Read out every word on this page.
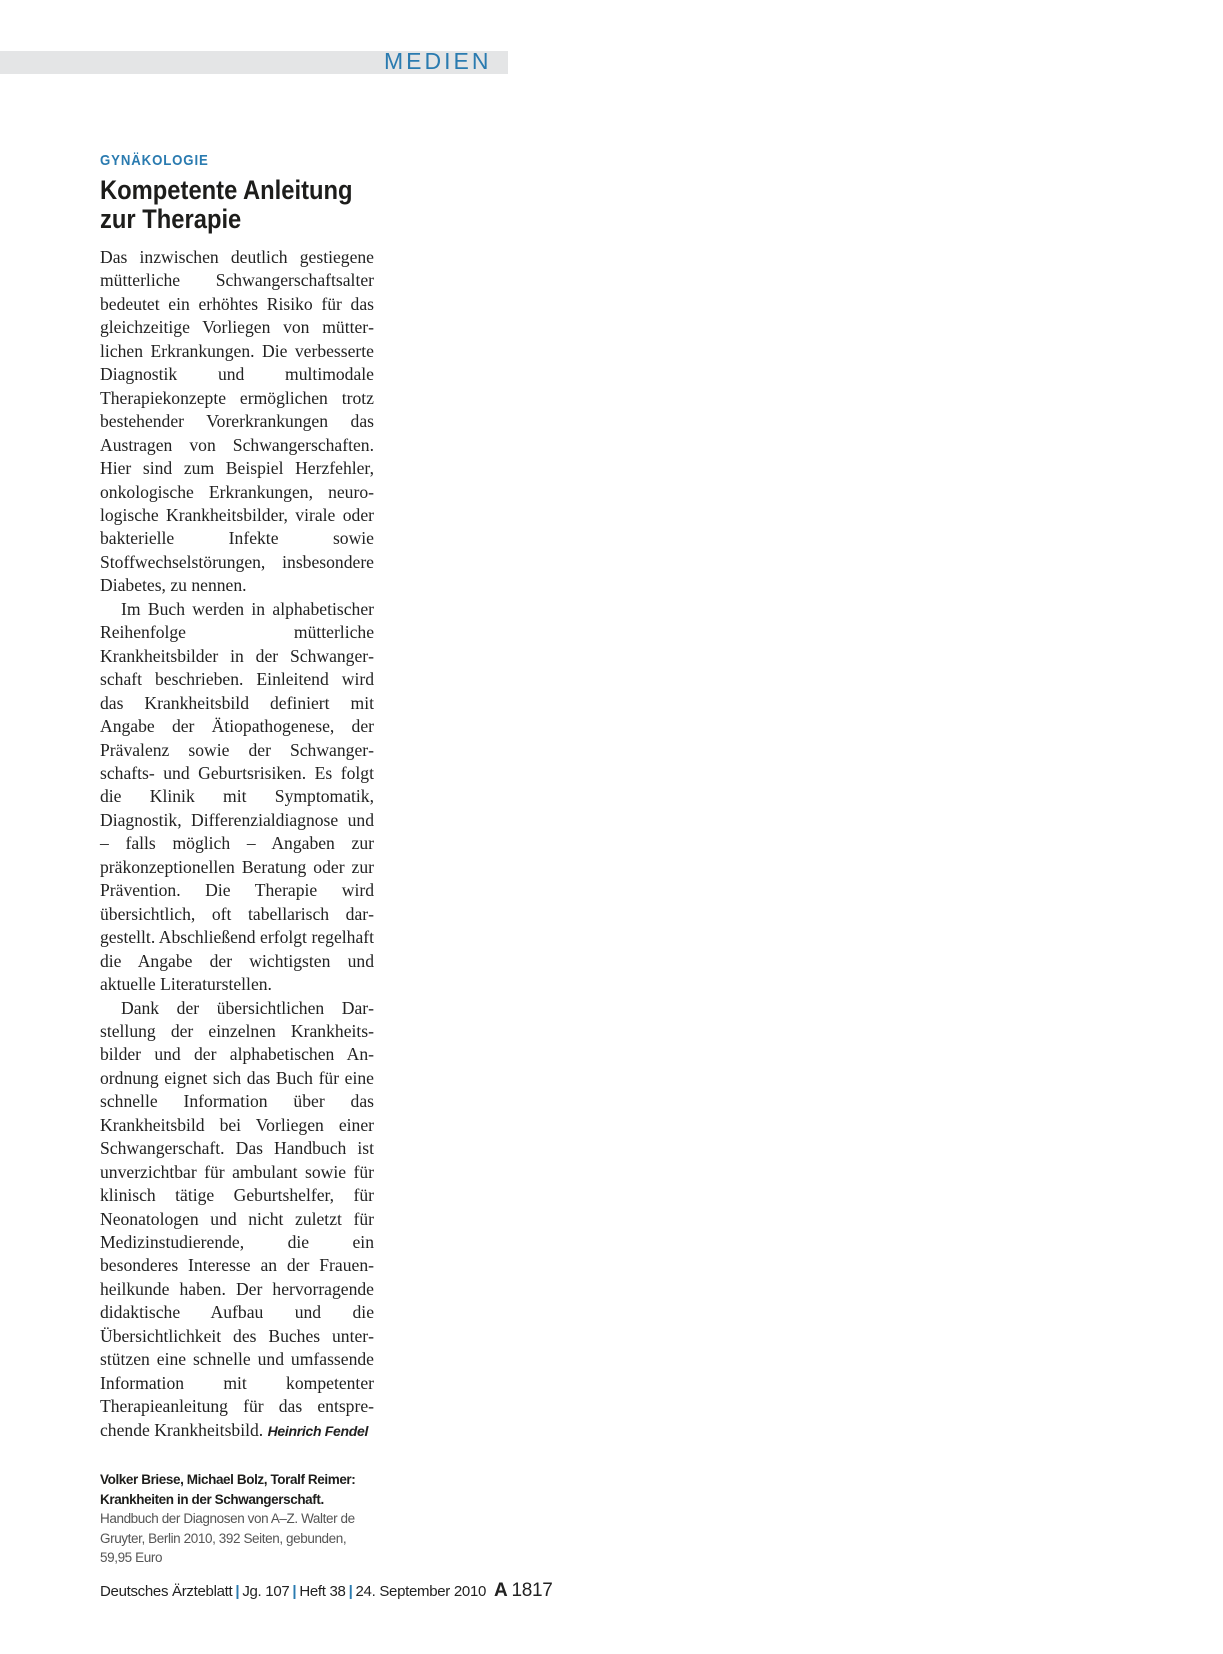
MEDIEN
GYNÄKOLOGIE
Kompetente Anleitung
zur Therapie

Das inzwischen deutlich gestiegene mütterliche Schwangerschaftsalter bedeutet ein erhöhtes Risiko für das gleichzeitige Vorliegen von mütterlichen Erkrankungen. Die verbesserte Diagnostik und multimodale Therapiekonzepte ermöglichen trotz bestehender Vorerkrankungen das Austragen von Schwangerschaften. Hier sind zum Beispiel Herzfehler, onkologische Erkrankungen, neurologische Krankheitsbilder, virale oder bakterielle Infekte sowie Stoffwechselstörungen, insbesondere Diabetes, zu nennen.

Im Buch werden in alphabetischer Reihenfolge mütterliche Krankheitsbilder in der Schwangerschaft beschrieben. Einleitend wird das Krankheitsbild definiert mit Angabe der Ätiopathogenese, der Prävalenz sowie der Schwangerschafts- und Geburtsrisiken. Es folgt die Klinik mit Symptomatik, Diagnostik, Differenzialdiagnose und – falls möglich – Angaben zur präkonzeptionellen Beratung oder zur Prävention. Die Therapie wird übersichtlich, oft tabellarisch dargestellt. Abschließend erfolgt regelhaft die Angabe der wichtigsten und aktuelle Literaturstellen.

Dank der übersichtlichen Darstellung der einzelnen Krankheitsbilder und der alphabetischen Anordnung eignet sich das Buch für eine schnelle Information über das Krankheitsbild bei Vorliegen einer Schwangerschaft. Das Handbuch ist unverzichtbar für ambulant sowie für klinisch tätige Geburtshelfer, für Neonatologen und nicht zuletzt für Medizinstudierende, die ein besonderes Interesse an der Frauenheilkunde haben. Der hervorragende didaktische Aufbau und die Übersichtlichkeit des Buches unterstützen eine schnelle und umfassende Information mit kompetenter Therapieanleitung für das entsprechende Krankheitsbild. Heinrich Fendel

Volker Briese, Michael Bolz, Toralf Reimer:
Krankheiten in der Schwangerschaft. Handbuch der Diagnosen von A–Z. Walter de Gruyter, Berlin 2010, 392 Seiten, gebunden, 59,95 Euro
Deutsches Ärzteblatt | Jg. 107 | Heft 38 | 24. September 2010 A 1817
